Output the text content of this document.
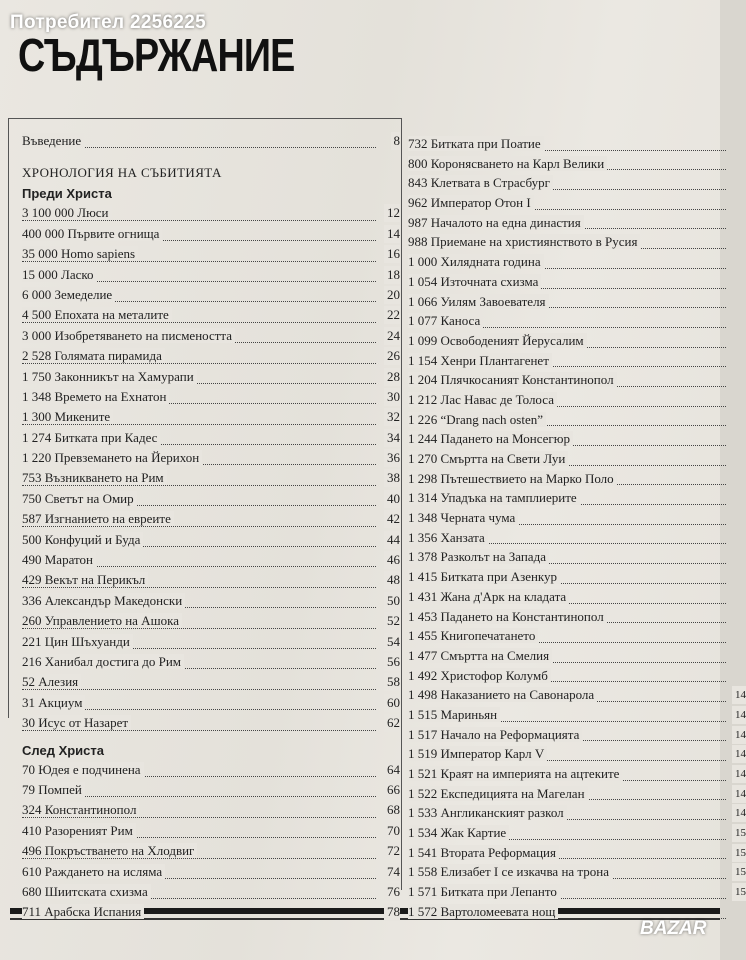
Потребител 2256225
СЪДЪРЖАНИЕ
Въведение	8
ХРОНОЛОГИЯ НА СЪБИТИЯТА
Преди Христа
3 100 000 Люси	12
400 000 Първите огнища	14
35 000 Homo sapiens	16
15 000 Ласко	18
6 000 Земеделие	20
4 500 Епохата на металите	22
3 000 Изобретяването на писмеността	24
2 528 Голямата пирамида	26
1 750 Законникът на Хамурапи	28
1 348 Времето на Ехнатон	30
1 300 Микените	32
1 274 Битката при Кадес	34
1 220 Превземането на Йерихон	36
753 Възникването на Рим	38
750 Светът на Омир	40
587 Изгнанието на евреите	42
500 Конфуций и Буда	44
490 Маратон	46
429 Векът на Перикъл	48
336 Александър Македонски	50
260 Управлението на Ашока	52
221 Цин Шъхуанди	54
216 Ханибал достига до Рим	56
52 Алезия	58
31 Акциум	60
30 Исус от Назарет	62
След Христа
70 Юдея е подчинена	64
79 Помпей	66
324 Константинопол	68
410 Разореният Рим	70
496 Покръстването на Хлодвиг	72
610 Раждането на исляма	74
680 Шиитската схизма	76
711 Арабска Испания	78
732 Битката при Поатие
800 Коронясването на Карл Велики
843 Клетвата в Страсбург
962 Император Отон I
987 Началото на една династия
988 Приемане на християнството в Русия
1 000 Хилядната година
1 054 Източната схизма
1 066 Уилям Завоевателя
1 077 Каноса
1 099 Освободеният Йерусалим
1 154 Хенри Плантагенет
1 204 Плячкосаният Константинопол
1 212 Лас Навас де Толоса
1 226 “Drang nach osten”
1 244 Падането на Монсегюр
1 270 Смъртта на Свети Луи
1 298 Пътешествието на Марко Поло
1 314 Упадъка на тамплиерите
1 348 Черната чума
1 356 Ханзата
1 378 Разколът на Запада
1 415 Битката при Азенкур
1 431 Жана д'Арк на кладата
1 453 Падането на Константинопол
1 455 Книгопечатането
1 477 Смъртта на Смелия
1 492 Христофор Колумб
1 498 Наказанието на Савонарола	14
1 515 Мариньян	14
1 517 Начало на Реформацията	14
1 519 Император Карл V	14
1 521 Краят на империята на ацтеките	14
1 522 Експедицията на Магелан	14
1 533 Англиканският разкол	14
1 534 Жак Картие	15
1 541 Втората Реформация	15
1 558 Елизабет I се изкачва на трона	15
1 571 Битката при Лепанто	15
1 572 Вартоломеевата нощ
BAZAR
